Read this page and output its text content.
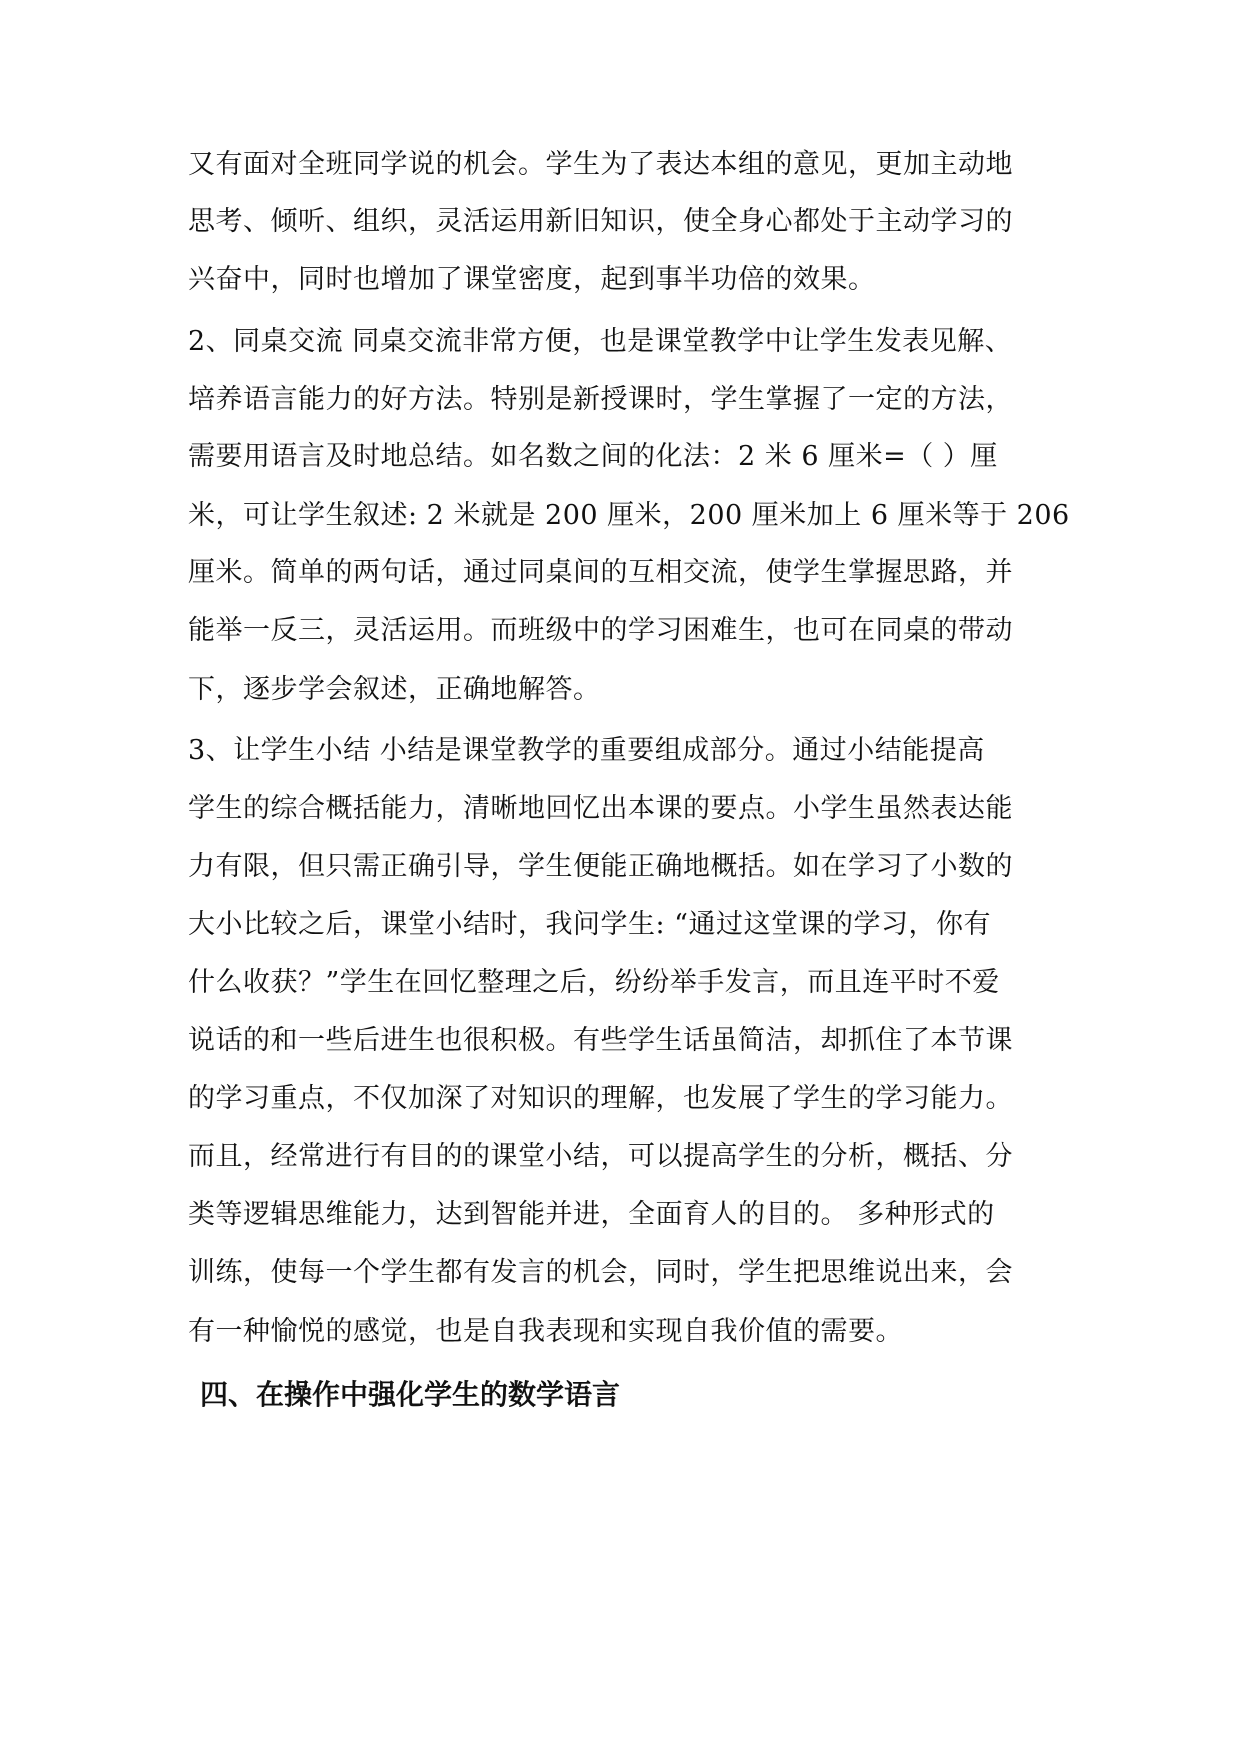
又有面对全班同学说的机会。学生为了表达本组的意见，更加主动地
思考、倾听、组织，灵活运用新旧知识，使全身心都处于主动学习的
兴奋中，同时也增加了课堂密度，起到事半功倍的效果。
2、同桌交流 同桌交流非常方便，也是课堂教学中让学生发表见解、
培养语言能力的好方法。特别是新授课时，学生掌握了一定的方法，
需要用语言及时地总结。如名数之间的化法：2 米 6 厘米=（ ）厘
米，可让学生叙述: 2 米就是 200 厘米，200 厘米加上 6 厘米等于 206
厘米。简单的两句话，通过同桌间的互相交流，使学生掌握思路，并
能举一反三，灵活运用。而班级中的学习困难生，也可在同桌的带动
下，逐步学会叙述，正确地解答。
3、让学生小结 小结是课堂教学的重要组成部分。通过小结能提高
学生的综合概括能力，清晰地回忆出本课的要点。小学生虽然表达能
力有限，但只需正确引导，学生便能正确地概括。如在学习了小数的
大小比较之后，课堂小结时，我问学生: “通过这堂课的学习，你有
什么收获？”学生在回忆整理之后，纷纷举手发言，而且连平时不爱
说话的和一些后进生也很积极。有些学生话虽简洁，却抓住了本节课
的学习重点，不仅加深了对知识的理解，也发展了学生的学习能力。
而且，经常进行有目的的课堂小结，可以提高学生的分析，概括、分
类等逻辑思维能力，达到智能并进，全面育人的目的。 多种形式的
训练，使每一个学生都有发言的机会，同时，学生把思维说出来，会
有一种愉悦的感觉，也是自我表现和实现自我价值的需要。
四、在操作中强化学生的数学语言
